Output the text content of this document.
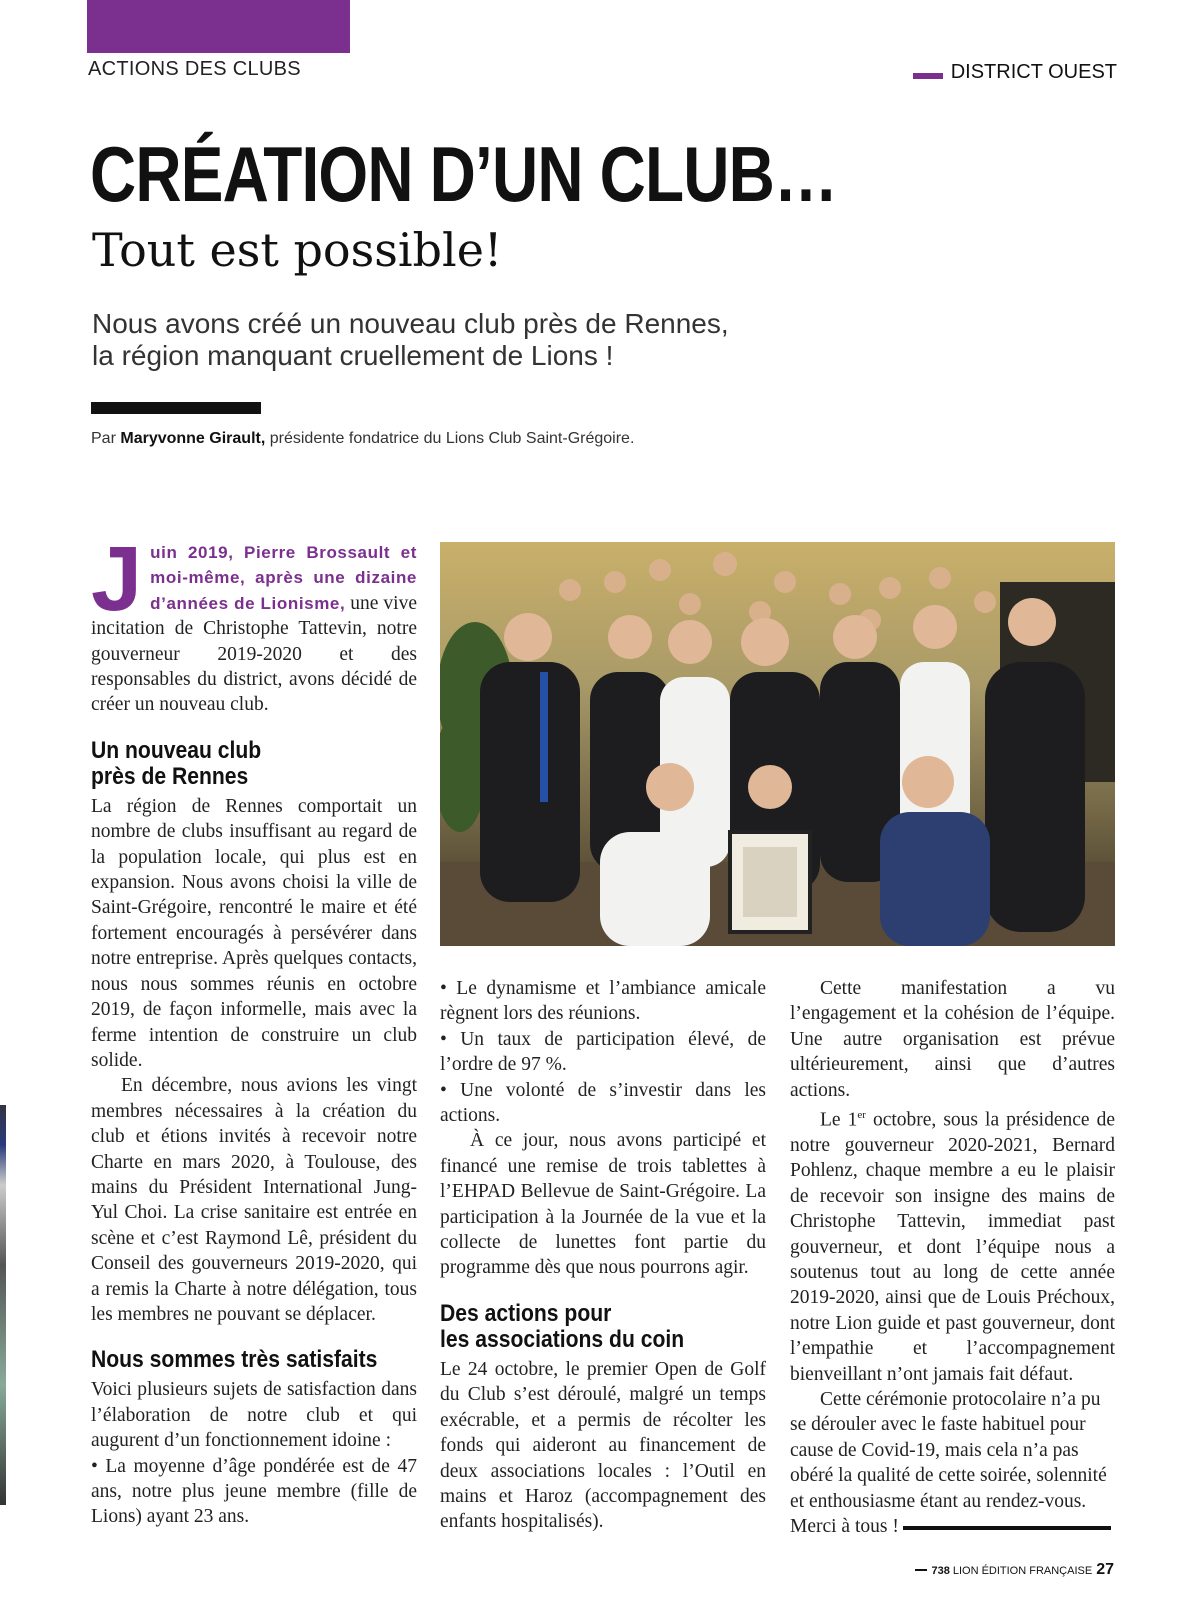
ACTIONS DES CLUBS	DISTRICT OUEST
CRÉATION D’UN CLUB…
Tout est possible!
Nous avons créé un nouveau club près de Rennes,
la région manquant cruellement de Lions !
Par Maryvonne Girault, présidente fondatrice du Lions Club Saint-Grégoire.

Juin 2019, Pierre Brossault et moi-même, après une dizaine d’années de Lionisme, une vive incitation de Christophe Tattevin, notre gouverneur 2019-2020 et des responsables du district, avons décidé de créer un nouveau club.

Un nouveau club
près de Rennes

La région de Rennes comportait un nombre de clubs insuffisant au regard de la population locale, qui plus est en expansion. Nous avons choisi la ville de Saint-Grégoire, rencontré le maire et été fortement encouragés à persévérer dans notre entreprise. Après quelques contacts, nous nous sommes réunis en octobre 2019, de façon informelle, mais avec la ferme intention de construire un club solide.

En décembre, nous avions les vingt membres nécessaires à la création du club et étions invités à recevoir notre Charte en mars 2020, à Toulouse, des mains du Président International Jung-Yul Choi. La crise sanitaire est entrée en scène et c’est Raymond Lê, président du Conseil des gouverneurs 2019-2020, qui a remis la Charte à notre délégation, tous les membres ne pouvant se déplacer.

Nous sommes très satisfaits

Voici plusieurs sujets de satisfaction dans l’élaboration de notre club et qui augurent d’un fonctionnement idoine :

• La moyenne d’âge pondérée est de 47 ans, notre plus jeune membre (fille de Lions) ayant 23 ans.

• Le dynamisme et l’ambiance amicale règnent lors des réunions.

• Un taux de participation élevé, de l’ordre de 97 %.

• Une volonté de s’investir dans les actions.

À ce jour, nous avons participé et financé une remise de trois tablettes à l’EHPAD Bellevue de Saint-Grégoire. La participation à la Journée de la vue et la collecte de lunettes font partie du programme dès que nous pourrons agir.

Des actions pour
les associations du coin

Le 24 octobre, le premier Open de Golf du Club s’est déroulé, malgré un temps exécrable, et a permis de récolter les fonds qui aideront au financement de deux associations locales : l’Outil en mains et Haroz (accompagnement des enfants hospitalisés).

Cette manifestation a vu l’engagement et la cohésion de l’équipe. Une autre organisation est prévue ultérieurement, ainsi que d’autres actions.

Le 1er octobre, sous la présidence de notre gouverneur 2020-2021, Bernard Pohlenz, chaque membre a eu le plaisir de recevoir son insigne des mains de Christophe Tattevin, immediat past gouverneur, et dont l’équipe nous a soutenus tout au long de cette année 2019-2020, ainsi que de Louis Préchoux, notre Lion guide et past gouverneur, dont l’empathie et l’accompagnement bienveillant n’ont jamais fait défaut.

Cette cérémonie protocolaire n’a pu se dérouler avec le faste habituel pour cause de Covid-19, mais cela n’a pas obéré la qualité de cette soirée, solennité et enthousiasme étant au rendez-vous. Merci à tous !

738 LION ÉDITION FRANÇAISE 27
